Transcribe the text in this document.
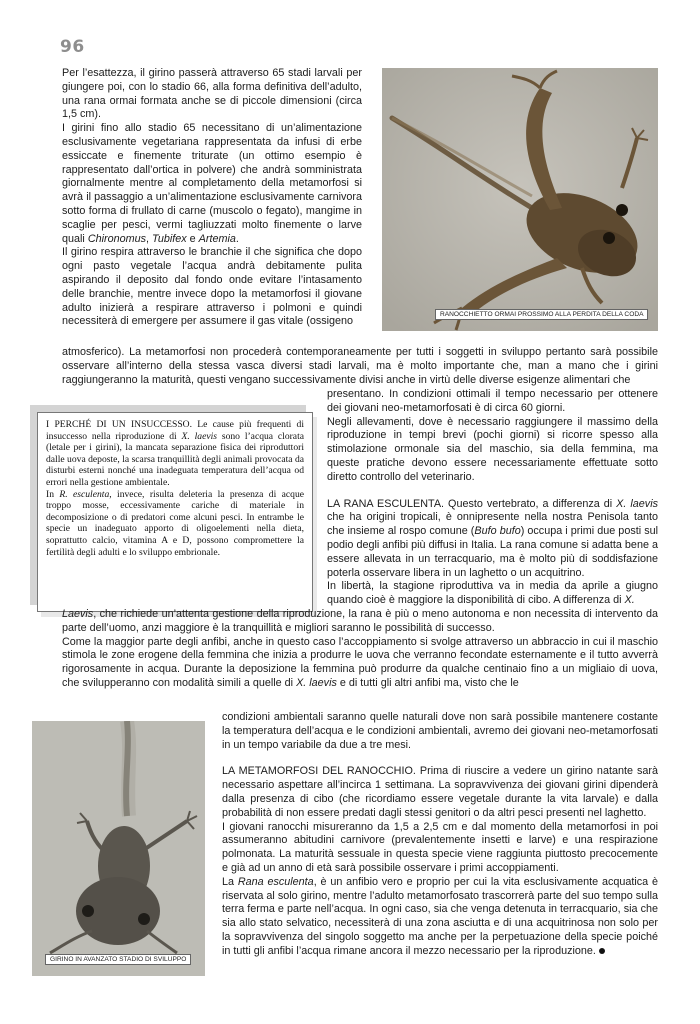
96

Per l’esattezza, il girino passerà attraverso 65 stadi larvali per giungere poi, con lo stadio 66, alla forma definitiva dell’adulto, una rana ormai formata anche se di piccole dimensioni (circa 1,5 cm).

I girini fino allo stadio 65 necessitano di un’alimentazione esclusivamente vegetariana rappresentata da infusi di erbe essiccate e finemente triturate (un ottimo esempio è rappresentato dall’ortica in polvere) che andrà somministrata giornalmente mentre al completamento della metamorfosi si avrà il passaggio a un’alimentazione esclusivamente carnivora sotto forma di frullato di carne (muscolo o fegato), mangime in scaglie per pesci, vermi tagliuzzati molto finemente o larve quali Chironomus, Tubifex e Artemia.

Il girino respira attraverso le branchie il che significa che dopo ogni pasto vegetale l’acqua andrà debitamente pulita aspirando il deposito dal fondo onde evitare l’intasamento delle branchie, mentre invece dopo la metamorfosi il giovane adulto inizierà a respirare attraverso i polmoni e quindi necessiterà di emergere per assumere il gas vitale (ossigeno

RANOCCHIETTO ORMAI PROSSIMO ALLA PERDITA DELLA CODA
atmosferico). La metamorfosi non procederà contemporaneamente per tutti i soggetti in sviluppo pertanto sarà possibile osservare all’interno della stessa vasca diversi stadi larvali, ma è molto importante che, man a mano che i girini raggiungeranno la maturità, questi vengano successivamente divisi anche in virtù delle diverse esigenze alimentari che

I PERCHÉ DI UN INSUCCESSO. Le cause più frequenti di insuccesso nella riproduzione di X. laevis sono l’acqua clorata (letale per i girini), la mancata separazione fisica dei riproduttori dalle uova deposte, la scarsa tranquillità degli animali provocata da disturbi esterni nonché una inadeguata temperatura dell’acqua od errori nella gestione ambientale.

In R. esculenta, invece, risulta deleteria la presenza di acque troppo mosse, eccessivamente cariche di materiale in decomposizione o di predatori come alcuni pesci. In entrambe le specie un inadeguato apporto di oligoelementi nella dieta, soprattutto calcio, vitamina A e D, possono compromettere la fertilità degli adulti e lo sviluppo embrionale.

presentano. In condizioni ottimali il tempo necessario per ottenere dei giovani neo-metamorfosati è di circa 60 giorni.

Negli allevamenti, dove è necessario raggiungere il massimo della riproduzione in tempi brevi (pochi giorni) si ricorre spesso alla stimolazione ormonale sia del maschio, sia della femmina, ma queste pratiche devono essere necessariamente effettuate sotto diretto controllo del veterinario.

LA RANA ESCULENTA. Questo vertebrato, a differenza di X. laevis che ha origini tropicali, è onnipresente nella nostra Penisola tanto che insieme al rospo comune (Bufo bufo) occupa i primi due posti sul podio degli anfibi più diffusi in Italia. La rana comune si adatta bene a essere allevata in un terracquario, ma è molto più di soddisfazione poterla osservare libera in un laghetto o un acquitrino.

In libertà, la stagione riproduttiva va in media da aprile a giugno quando cioè è maggiore la disponibilità di cibo. A differenza di X.

Laevis, che richiede un’attenta gestione della riproduzione, la rana è più o meno autonoma e non necessita di intervento da parte dell’uomo, anzi maggiore è la tranquillità e migliori saranno le possibilità di successo.

Come la maggior parte degli anfibi, anche in questo caso l’accoppiamento si svolge attraverso un abbraccio in cui il maschio stimola le zone erogene della femmina che inizia a produrre le uova che verranno fecondate esternamente e il tutto avverrà rigorosamente in acqua. Durante la deposizione la femmina può produrre da qualche centinaio fino a un migliaio di uova, che svilupperanno con modalità simili a quelle di X. laevis e di tutti gli altri anfibi ma, visto che le

GIRINO IN AVANZATO STADIO DI SVILUPPO

condizioni ambientali saranno quelle naturali dove non sarà possibile mantenere costante la temperatura dell’acqua e le condizioni ambientali, avremo dei giovani neo-metamorfosati in un tempo variabile da due a tre mesi.

LA METAMORFOSI DEL RANOCCHIO. Prima di riuscire a vedere un girino natante sarà necessario aspettare all’incirca 1 settimana. La sopravvivenza dei giovani girini dipenderà dalla presenza di cibo (che ricordiamo essere vegetale durante la vita larvale) e dalla probabilità di non essere predati dagli stessi genitori o da altri pesci presenti nel laghetto.

I giovani ranocchi misureranno da 1,5 a 2,5 cm e dal momento della metamorfosi in poi assumeranno abitudini carnivore (prevalentemente insetti e larve) e una respirazione polmonata. La maturità sessuale in questa specie viene raggiunta piuttosto precocemente e già ad un anno di età sarà possibile osservare i primi accoppiamenti.

La Rana esculenta, è un anfibio vero e proprio per cui la vita esclusivamente acquatica è riservata al solo girino, mentre l’adulto metamorfosato trascorrerà parte del suo tempo sulla terra ferma e parte nell’acqua. In ogni caso, sia che venga detenuta in terracquario, sia che sia allo stato selvatico, necessiterà di una zona asciutta e di una acquitrinosa non solo per la sopravvivenza del singolo soggetto ma anche per la perpetuazione della specie poiché in tutti gli anfibi l’acqua rimane ancora il mezzo necessario per la riproduzione.
